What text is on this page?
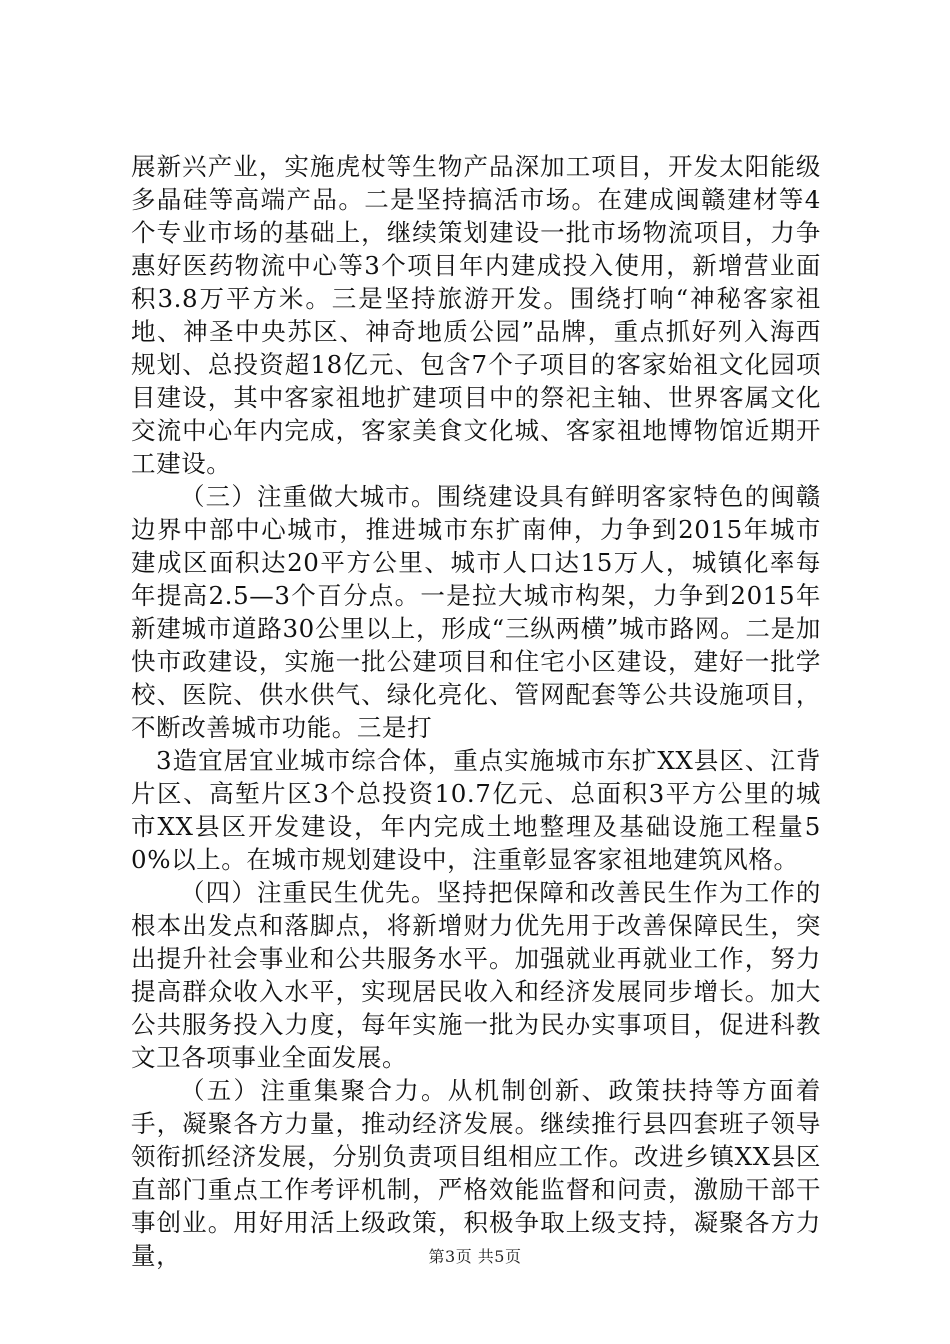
展新兴产业，实施虎杖等生物产品深加工项目，开发太阳能级多晶硅等高端产品。二是坚持搞活市场。在建成闽赣建材等4个专业市场的基础上，继续策划建设一批市场物流项目，力争惠好医药物流中心等3个项目年内建成投入使用，新增营业面积3.8万平方米。三是坚持旅游开发。围绕打响“神秘客家祖地、神圣中央苏区、神奇地质公园”品牌，重点抓好列入海西规划、总投资超18亿元、包含7个子项目的客家始祖文化园项目建设，其中客家祖地扩建项目中的祭祀主轴、世界客属文化交流中心年内完成，客家美食文化城、客家祖地博物馆近期开工建设。

（三）注重做大城市。围绕建设具有鲜明客家特色的闽赣边界中部中心城市，推进城市东扩南伸，力争到2015年城市建成区面积达20平方公里、城市人口达15万人，城镇化率每年提高2.5—3个百分点。一是拉大城市构架，力争到2015年新建城市道路30公里以上，形成“三纵两横”城市路网。二是加快市政建设，实施一批公建项目和住宅小区建设，建好一批学校、医院、供水供气、绿化亮化、管网配套等公共设施项目，不断改善城市功能。三是打

3造宜居宜业城市综合体，重点实施城市东扩XX县区、江背片区、高堑片区3个总投资10.7亿元、总面积3平方公里的城市XX县区开发建设，年内完成土地整理及基础设施工程量50%以上。在城市规划建设中，注重彰显客家祖地建筑风格。

（四）注重民生优先。坚持把保障和改善民生作为工作的根本出发点和落脚点，将新增财力优先用于改善保障民生，突出提升社会事业和公共服务水平。加强就业再就业工作，努力提高群众收入水平，实现居民收入和经济发展同步增长。加大公共服务投入力度，每年实施一批为民办实事项目，促进科教文卫各项事业全面发展。

（五）注重集聚合力。从机制创新、政策扶持等方面着手，凝聚各方力量，推动经济发展。继续推行县四套班子领导领衔抓经济发展，分别负责项目组相应工作。改进乡镇XX县区直部门重点工作考评机制，严格效能监督和问责，激励干部干事创业。用好用活上级政策，积极争取上级支持，凝聚各方力量，	第3页 共5页
